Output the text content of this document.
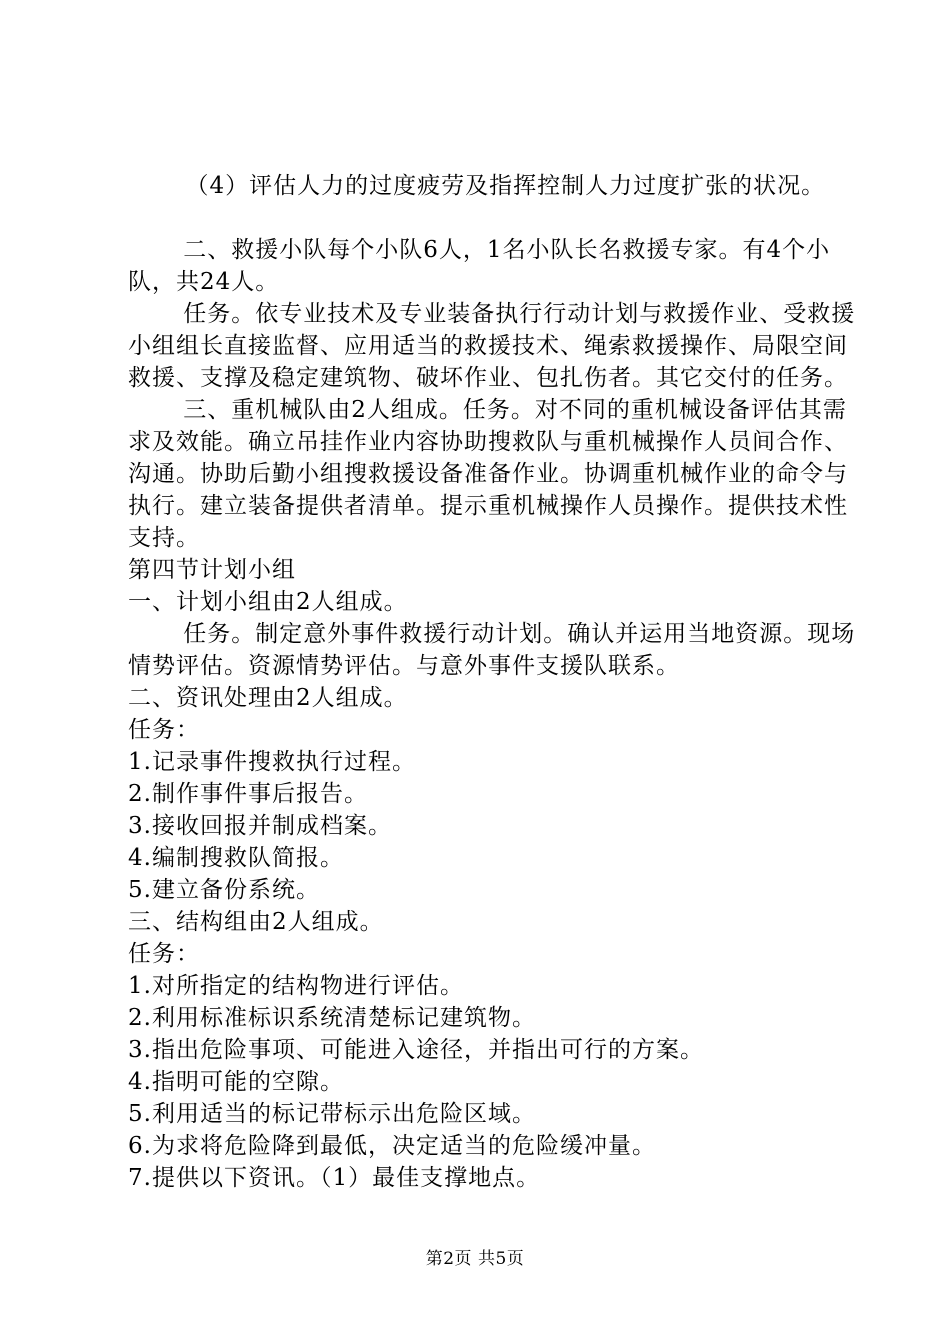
（4）评估人力的过度疲劳及指挥控制人力过度扩张的状况。

二、救援小队每个小队6人，1名小队长名救援专家。有4个小队，共24人。

任务。依专业技术及专业装备执行行动计划与救援作业、受救援小组组长直接监督、应用适当的救援技术、绳索救援操作、局限空间救援、支撑及稳定建筑物、破坏作业、包扎伤者。其它交付的任务。

三、重机械队由2人组成。任务。对不同的重机械设备评估其需求及效能。确立吊挂作业内容协助搜救队与重机械操作人员间合作、沟通。协助后勤小组搜救援设备准备作业。协调重机械作业的命令与执行。建立装备提供者清单。提示重机械操作人员操作。提供技术性支持。

第四节计划小组

一、计划小组由2人组成。

任务。制定意外事件救援行动计划。确认并运用当地资源。现场情势评估。资源情势评估。与意外事件支援队联系。

二、资讯处理由2人组成。

任务：

1.记录事件搜救执行过程。

2.制作事件事后报告。

3.接收回报并制成档案。

4.编制搜救队简报。

5.建立备份系统。

三、结构组由2人组成。

任务：

1.对所指定的结构物进行评估。

2.利用标准标识系统清楚标记建筑物。

3.指出危险事项、可能进入途径，并指出可行的方案。

4.指明可能的空隙。

5.利用适当的标记带标示出危险区域。

6.为求将危险降到最低，决定适当的危险缓冲量。

7.提供以下资讯。（1）最佳支撑地点。

第2页 共5页
